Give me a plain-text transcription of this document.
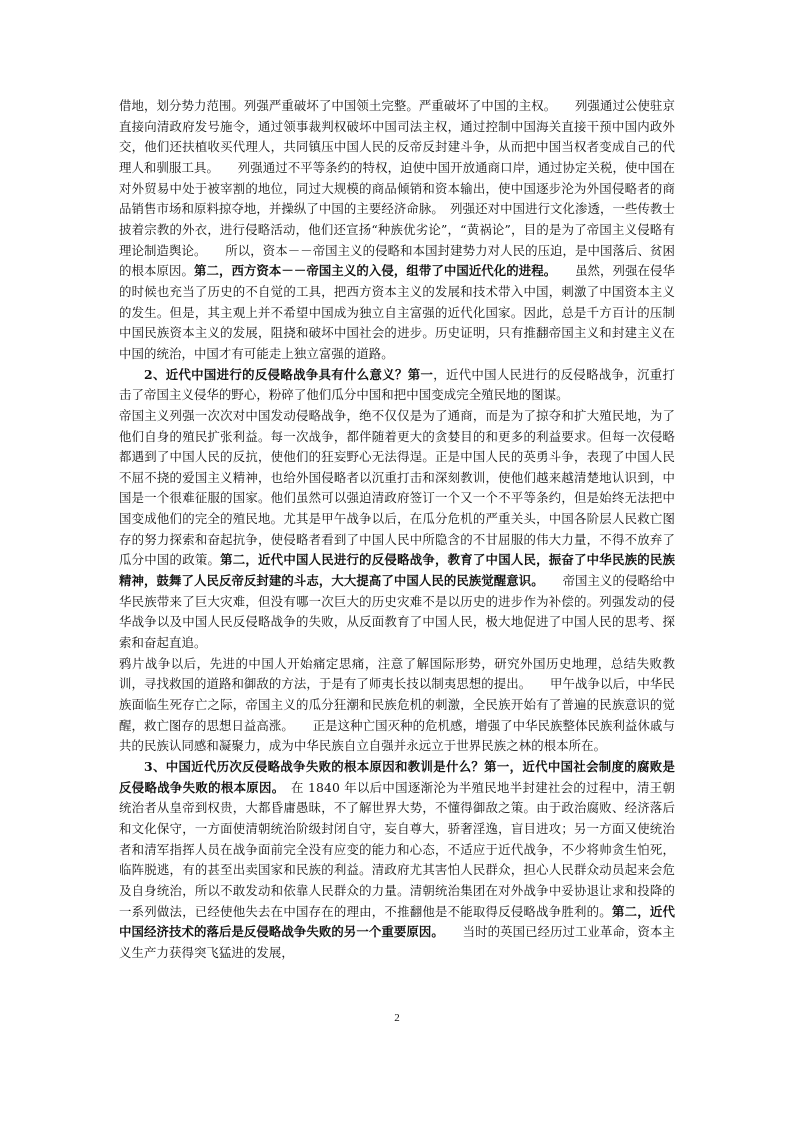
借地，划分势力范围。列强严重破坏了中国领土完整。严重破坏了中国的主权。　　列强通过公使驻京直接向清政府发号施令，通过领事裁判权破坏中国司法主权，通过控制中国海关直接干预中国内政外交，他们还扶植收买代理人，共同镇压中国人民的反帝反封建斗争，从而把中国当权者变成自己的代理人和驯服工具。　　列强通过不平等条约的特权，迫使中国开放通商口岸，通过协定关税，使中国在对外贸易中处于被宰割的地位，同过大规模的商品倾销和资本输出，使中国逐步沦为外国侵略者的商品销售市场和原料掠夺地，并操纵了中国的主要经济命脉。　列强还对中国进行文化渗透，一些传教士披着宗教的外衣，进行侵略活动，他们还宣扬“种族优劣论”，“黄祸论”，目的是为了帝国主义侵略有理论制造舆论。　　所以，资本－－帝国主义的侵略和本国封建势力对人民的压迫，是中国落后、贫困的根本原因。第二，西方资本－－帝国主义的入侵，组带了中国近代化的进程。　　虽然，列强在侵华的时候也充当了历史的不自觉的工具，把西方资本主义的发展和技术带入中国，刺激了中国资本主义的发生。但是，其主观上并不希望中国成为独立自主富强的近代化国家。因此，总是千方百计的压制中国民族资本主义的发展，阻挠和破坏中国社会的进步。历史证明，只有推翻帝国主义和封建主义在中国的统治，中国才有可能走上独立富强的道路。

2、近代中国进行的反侵略战争具有什么意义？第一，近代中国人民进行的反侵略战争，沉重打击了帝国主义侵华的野心，粉碎了他们瓜分中国和把中国变成完全殖民地的图谋。

帝国主义列强一次次对中国发动侵略战争，绝不仅仅是为了通商，而是为了掠夺和扩大殖民地，为了他们自身的殖民扩张利益。每一次战争，都伴随着更大的贪婪目的和更多的利益要求。但每一次侵略都遇到了中国人民的反抗，使他们的狂妄野心无法得逞。正是中国人民的英勇斗争，表现了中国人民不屈不挠的爱国主义精神，也给外国侵略者以沉重打击和深刻教训，使他们越来越清楚地认识到，中国是一个很难征服的国家。他们虽然可以强迫清政府签订一个又一个不平等条约，但是始终无法把中国变成他们的完全的殖民地。尤其是甲午战争以后，在瓜分危机的严重关头，中国各阶层人民救亡图存的努力探索和奋起抗争，使侵略者看到了中国人民中所隐含的不甘屈服的伟大力量，不得不放弃了瓜分中国的政策。第二，近代中国人民进行的反侵略战争，教育了中国人民，振奋了中华民族的民族精神，鼓舞了人民反帝反封建的斗志，大大提高了中国人民的民族觉醒意识。　　帝国主义的侵略给中华民族带来了巨大灾难，但没有哪一次巨大的历史灾难不是以历史的进步作为补偿的。列强发动的侵华战争以及中国人民反侵略战争的失败，从反面教育了中国人民，极大地促进了中国人民的思考、探索和奋起直追。

鸦片战争以后，先进的中国人开始痛定思痛，注意了解国际形势，研究外国历史地理，总结失败教训，寻找救国的道路和御敌的方法，于是有了师夷长技以制夷思想的提出。　　甲午战争以后，中华民族面临生死存亡之际，帝国主义的瓜分狂潮和民族危机的刺激，全民族开始有了普遍的民族意识的觉醒，救亡图存的思想日益高涨。　　正是这种亡国灭种的危机感，增强了中华民族整体民族利益休戚与共的民族认同感和凝聚力，成为中华民族自立自强并永远立于世界民族之林的根本所在。

3、中国近代历次反侵略战争失败的根本原因和教训是什么？第一，近代中国社会制度的腐败是反侵略战争失败的根本原因。　在 1840 年以后中国逐渐沦为半殖民地半封建社会的过程中，清王朝统治者从皇帝到权贵，大都昏庸愚昧，不了解世界大势，不懂得御敌之策。由于政治腐败、经济落后和文化保守，一方面使清朝统治阶级封闭自守，妄自尊大，骄奢淫逸，盲目进攻；另一方面又使统治者和清军指挥人员在战争面前完全没有应变的能力和心态，不适应于近代战争，不少将帅贪生怕死，临阵脱逃，有的甚至出卖国家和民族的利益。清政府尤其害怕人民群众，担心人民群众动员起来会危及自身统治，所以不敢发动和依靠人民群众的力量。清朝统治集团在对外战争中妥协退让求和投降的一系列做法，已经使他失去在中国存在的理由，不推翻他是不能取得反侵略战争胜利的。第二，近代中国经济技术的落后是反侵略战争失败的另一个重要原因。　　当时的英国已经历过工业革命，资本主义生产力获得突飞猛进的发展，

2
